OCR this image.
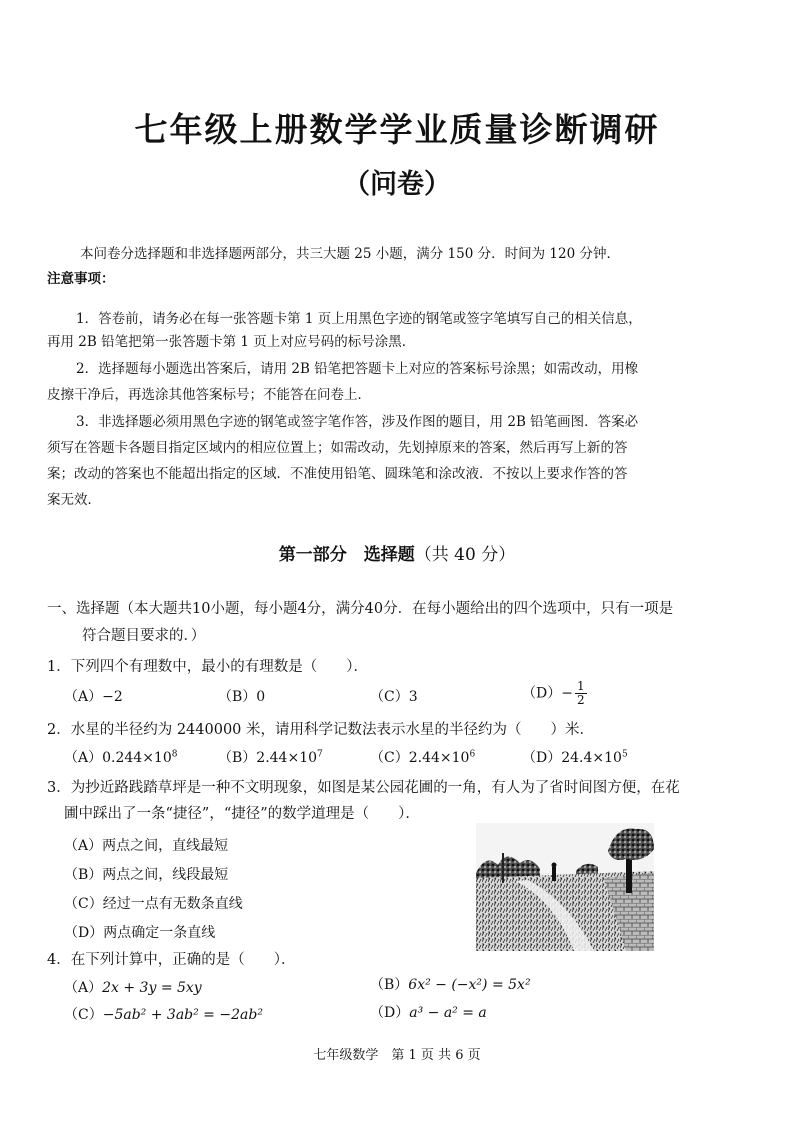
七年级上册数学学业质量诊断调研
（问卷）
本问卷分选择题和非选择题两部分，共三大题 25 小题，满分 150 分．时间为 120 分钟．
注意事项：
1．答卷前，请务必在每一张答题卡第 1 页上用黑色字迹的钢笔或签字笔填写自己的相关信息，
再用 2B 铅笔把第一张答题卡第 1 页上对应号码的标号涂黑．
2．选择题每小题选出答案后，请用 2B 铅笔把答题卡上对应的答案标号涂黑；如需改动，用橡
皮擦干净后，再选涂其他答案标号；不能答在问卷上．
3．非选择题必须用黑色字迹的钢笔或签字笔作答，涉及作图的题目，用 2B 铅笔画图．答案必
须写在答题卡各题目指定区域内的相应位置上；如需改动，先划掉原来的答案，然后再写上新的答
案；改动的答案也不能超出指定的区域．不准使用铅笔、圆珠笔和涂改液．不按以上要求作答的答
案无效．
第一部分　选择题（共 40 分）
一、选择题（本大题共10小题，每小题4分，满分40分．在每小题给出的四个选项中，只有一项是
符合题目要求的．）
1．下列四个有理数中，最小的有理数是（　　）．
（A）−2	（B）0	（C）3	$(D)- \frac{1}{2}$
2．水星的半径约为 2440000 米，请用科学记数法表示水星的半径约为（　　）米．
$(A)0.244\times 10^8$	$(B)2.44\times 10^7$	$(C)2.44\times 10^6$	$(D)24.4\times 10^5$
3．为抄近路践踏草坪是一种不文明现象，如图是某公园花圃的一角，有人为了省时间图方便，在花
圃中踩出了一条“捷径”，“捷径”的数学道理是（　　）．
（A）两点之间，直线最短
（B）两点之间，线段最短
（C）经过一点有无数条直线
（D）两点确定一条直线
4．在下列计算中，正确的是（　　）．
（A）2x + 3y = 5xy	（B）6x² − (−x²) = 5x²
（C）−5ab² + 3ab² = −2ab²	（D）a³ − a² = a
七年级数学　第 1 页 共 6 页
